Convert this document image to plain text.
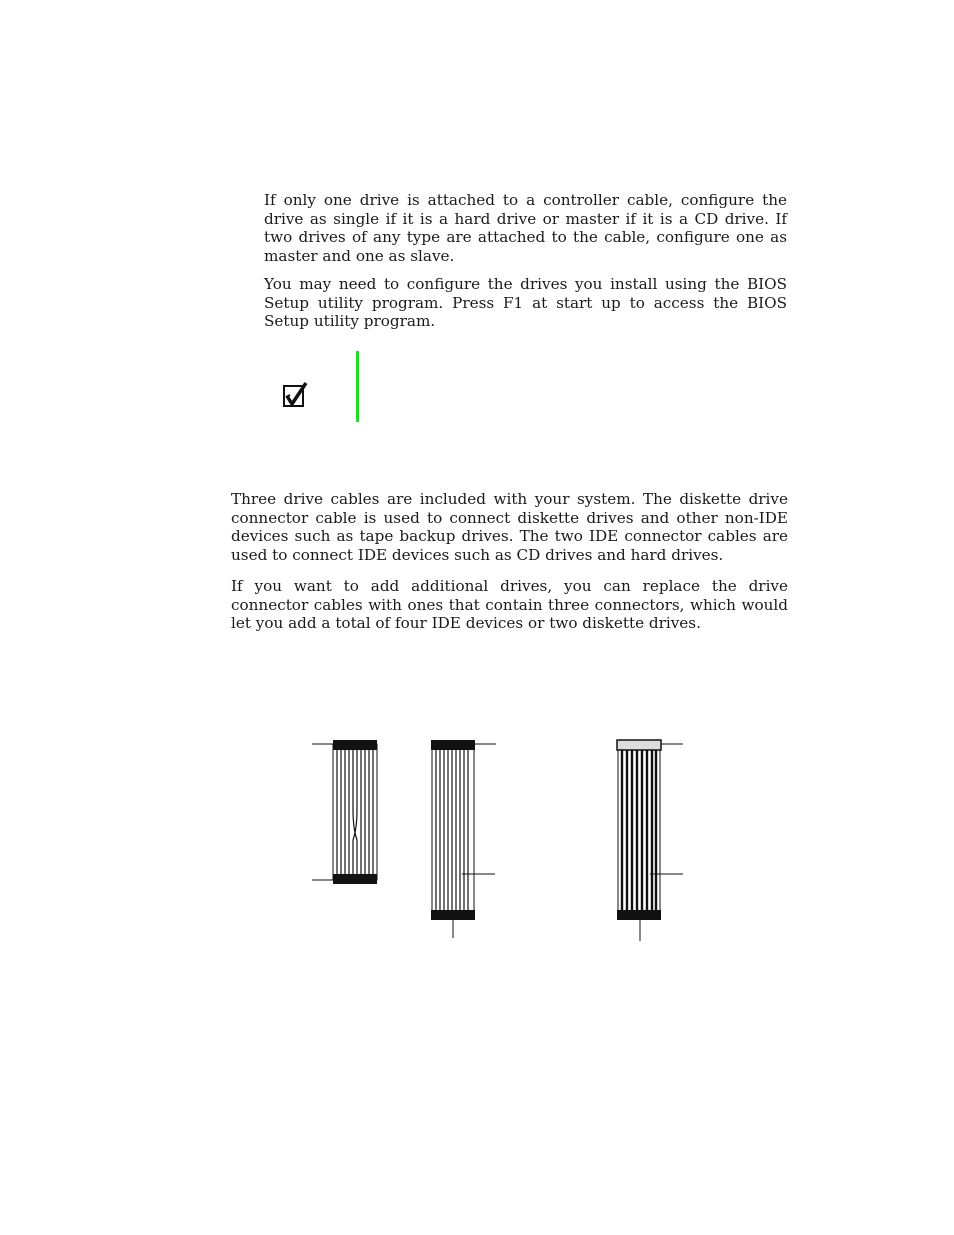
If only one drive is attached to a controller cable, configure the drive as single if it is a hard drive or master if it is a CD drive. If two drives of any type are attached to the cable, configure one as master and one as slave.

You may need to configure the drives you install using the BIOS Setup utility program. Press F1 at start up to access the BIOS Setup utility program.

Three drive cables are included with your system. The diskette drive connector cable is used to connect diskette drives and other non-IDE devices such as tape backup drives. The two IDE connector cables are used to connect IDE devices such as CD drives and hard drives.

If you want to add additional drives, you can replace the drive connector cables with ones that contain three connectors, which would let you add a total of four IDE devices or two diskette drives.
